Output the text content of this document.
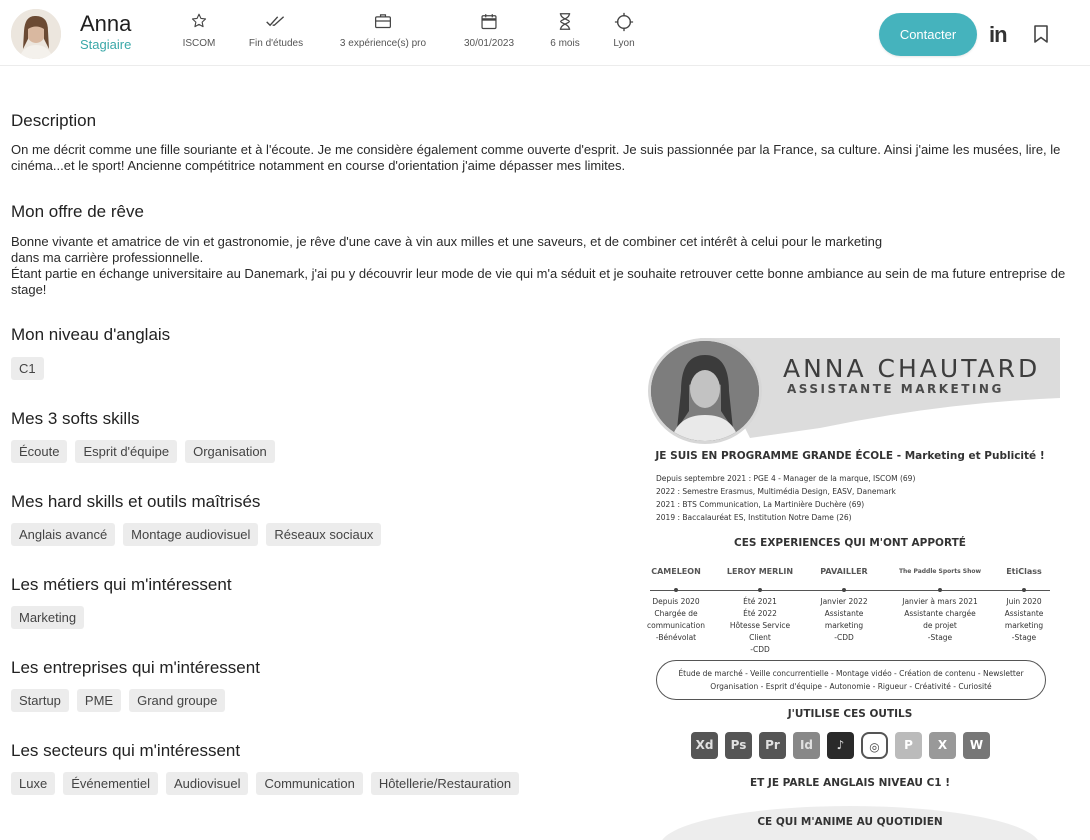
Anna
Stagiaire	ISCOM	Fin d'études	3 expérience(s) pro	30/01/2023	6 mois	Lyon
Contacter	in
Description
On me décrit comme une fille souriante et à l'écoute. Je me considère également comme ouverte d'esprit. Je suis passionnée par la France, sa culture. Ainsi j'aime les musées, lire, le cinéma...et le sport! Ancienne compétitrice notamment en course d'orientation j'aime dépasser mes limites.
Mon offre de rêve
Bonne vivante et amatrice de vin et gastronomie, je rêve d'une cave à vin aux milles et une saveurs, et de combiner cet intérêt à celui pour le marketing
dans ma carrière professionnelle.
Étant partie en échange universitaire au Danemark, j'ai pu y découvrir leur mode de vie qui m'a séduit et je souhaite retrouver cette bonne ambiance au sein de ma future entreprise de stage!
Mon niveau d'anglais
C1
Mes 3 softs skills
Écoute	Esprit d'équipe	Organisation
Mes hard skills et outils maîtrisés
Anglais avancé	Montage audiovisuel	Réseaux sociaux
Les métiers qui m'intéressent
Marketing
Les entreprises qui m'intéressent
Startup	PME	Grand groupe
Les secteurs qui m'intéressent
Luxe	Événementiel	Audiovisuel	Communication	Hôtellerie/Restauration
ANNA CHAUTARD
ASSISTANTE MARKETING
JE SUIS EN PROGRAMME GRANDE ÉCOLE - Marketing et Publicité !
Depuis septembre 2021 : PGE 4 - Manager de la marque, ISCOM (69)
2022 : Semestre Erasmus, Multimédia Design, EASV, Danemark
2021 : BTS Communication, La Martinière Duchère (69)
2019 : Baccalauréat ES, Institution Notre Dame (26)
CES EXPERIENCES QUI M'ONT APPORTÉ
CAMELEON
Depuis 2020
Chargée de
communication
-Bénévolat
LEROY MERLIN
Été 2021
Été 2022
Hôtesse Service Client
-CDD
PAVAILLER
Janvier 2022
Assistante
marketing
-CDD
The Paddle Sports Show
Janvier à mars 2021
Assistante chargée
de projet
-Stage
EtiClass
Juin 2020
Assistante
marketing
-Stage
Étude de marché - Veille concurrentielle - Montage vidéo - Création de contenu - Newsletter
Organisation - Esprit d'équipe - Autonomie - Rigueur - Créativité - Curiosité
J'UTILISE CES OUTILS
Xd	Ps	Pr	Id	♪	◎	P	X	W
ET JE PARLE ANGLAIS NIVEAU C1 !
CE QUI M'ANIME AU QUOTIDIEN
